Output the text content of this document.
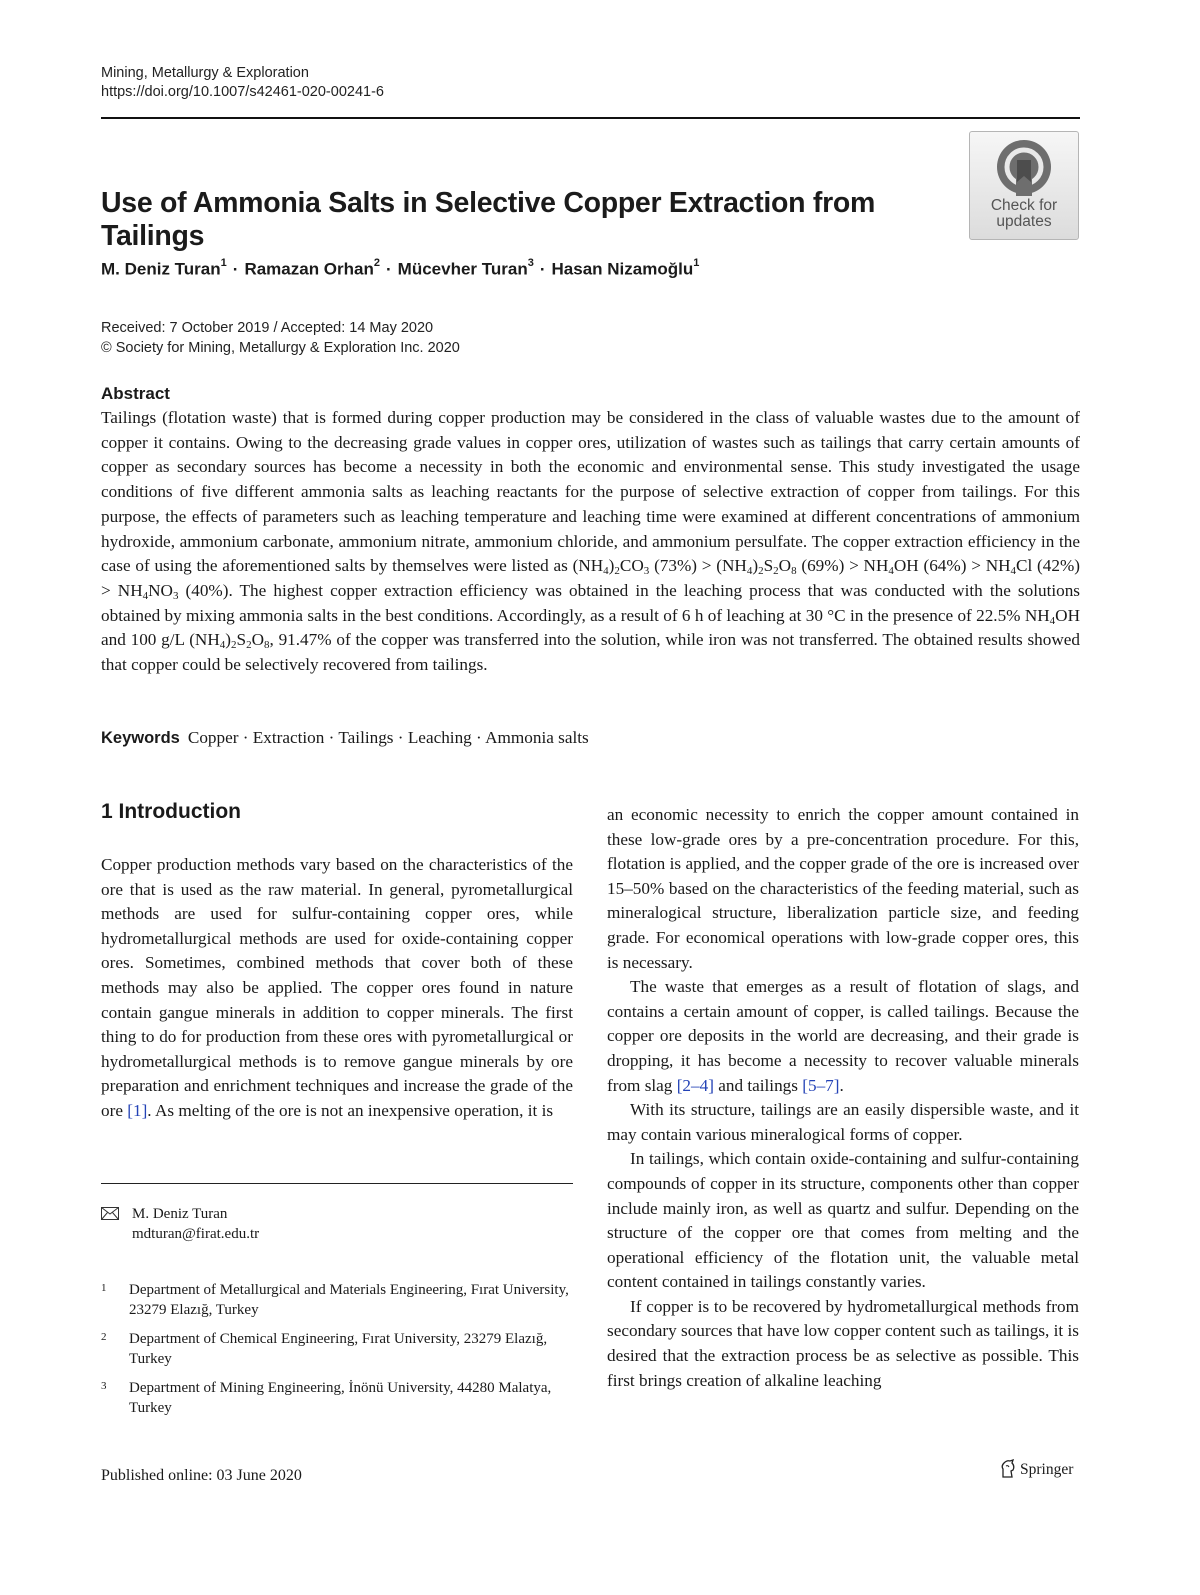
Mining, Metallurgy & Exploration
https://doi.org/10.1007/s42461-020-00241-6
Use of Ammonia Salts in Selective Copper Extraction from Tailings
Check for
updates
M. Deniz Turan$^1$ · Ramazan Orhan$^2$ · Mücevher Turan$^3$ · Hasan Nizamoğlu$^1$
Received: 7 October 2019 / Accepted: 14 May 2020
© Society for Mining, Metallurgy & Exploration Inc. 2020
Abstract

Tailings (flotation waste) that is formed during copper production may be considered in the class of valuable wastes due to the amount of copper it contains. Owing to the decreasing grade values in copper ores, utilization of wastes such as tailings that carry certain amounts of copper as secondary sources has become a necessity in both the economic and environmental sense. This study investigated the usage conditions of five different ammonia salts as leaching reactants for the purpose of selective extraction of copper from tailings. For this purpose, the effects of parameters such as leaching temperature and leaching time were examined at different concentrations of ammonium hydroxide, ammonium carbonate, ammonium nitrate, ammonium chloride, and ammonium persulfate. The copper extraction efficiency in the case of using the aforementioned salts by themselves were listed as $(NH_4)_2CO_3$ $(73\%) > (NH_4)_2S_2O_8$ $(69\%) > NH_4OH$ $(64\%) > NH_4Cl$ $(42\%) > NH_4NO_3$ (40%). The highest copper extraction efficiency was obtained in the leaching process that was conducted with the solutions obtained by mixing ammonia salts in the best conditions. Accordingly, as a result of 6 h of leaching at 30 °C in the presence of 22.5% $NH_4OH$ and 100 g/L $(NH_4)_2S_2O_8$, 91.47% of the copper was transferred into the solution, while iron was not transferred. The obtained results showed that copper could be selectively recovered from tailings.

Keywords Copper · Extraction · Tailings · Leaching · Ammonia salts
1 Introduction

Copper production methods vary based on the characteristics of the ore that is used as the raw material. In general, pyrometallurgical methods are used for sulfur-containing copper ores, while hydrometallurgical methods are used for oxide-containing copper ores. Sometimes, combined methods that cover both of these methods may also be applied. The copper ores found in nature contain gangue minerals in addition to copper minerals. The first thing to do for production from these ores with pyrometallurgical or hydrometallurgical methods is to remove gangue minerals by ore preparation and enrichment techniques and increase the grade of the ore [1]. As melting of the ore is not an inexpensive operation, it is

an economic necessity to enrich the copper amount contained in these low-grade ores by a pre-concentration procedure. For this, flotation is applied, and the copper grade of the ore is increased over 15–50% based on the characteristics of the feeding material, such as mineralogical structure, liberalization particle size, and feeding grade. For economical operations with low-grade copper ores, this is necessary.

The waste that emerges as a result of flotation of slags, and contains a certain amount of copper, is called tailings. Because the copper ore deposits in the world are decreasing, and their grade is dropping, it has become a necessity to recover valuable minerals from slag [2–4] and tailings [5–7].

With its structure, tailings are an easily dispersible waste, and it may contain various mineralogical forms of copper.

In tailings, which contain oxide-containing and sulfur-containing compounds of copper in its structure, components other than copper include mainly iron, as well as quartz and sulfur. Depending on the structure of the copper ore that comes from melting and the operational efficiency of the flotation unit, the valuable metal content contained in tailings constantly varies.

If copper is to be recovered by hydrometallurgical methods from secondary sources that have low copper content such as tailings, it is desired that the extraction process be as selective as possible. This first brings creation of alkaline leaching

M. Deniz Turan
mdturan@firat.edu.tr
1 Department of Metallurgical and Materials Engineering, Fırat University, 23279 Elazığ, Turkey
2 Department of Chemical Engineering, Fırat University, 23279 Elazığ, Turkey
3 Department of Mining Engineering, İnönü University, 44280 Malatya, Turkey
Published online: 03 June 2020	Springer
